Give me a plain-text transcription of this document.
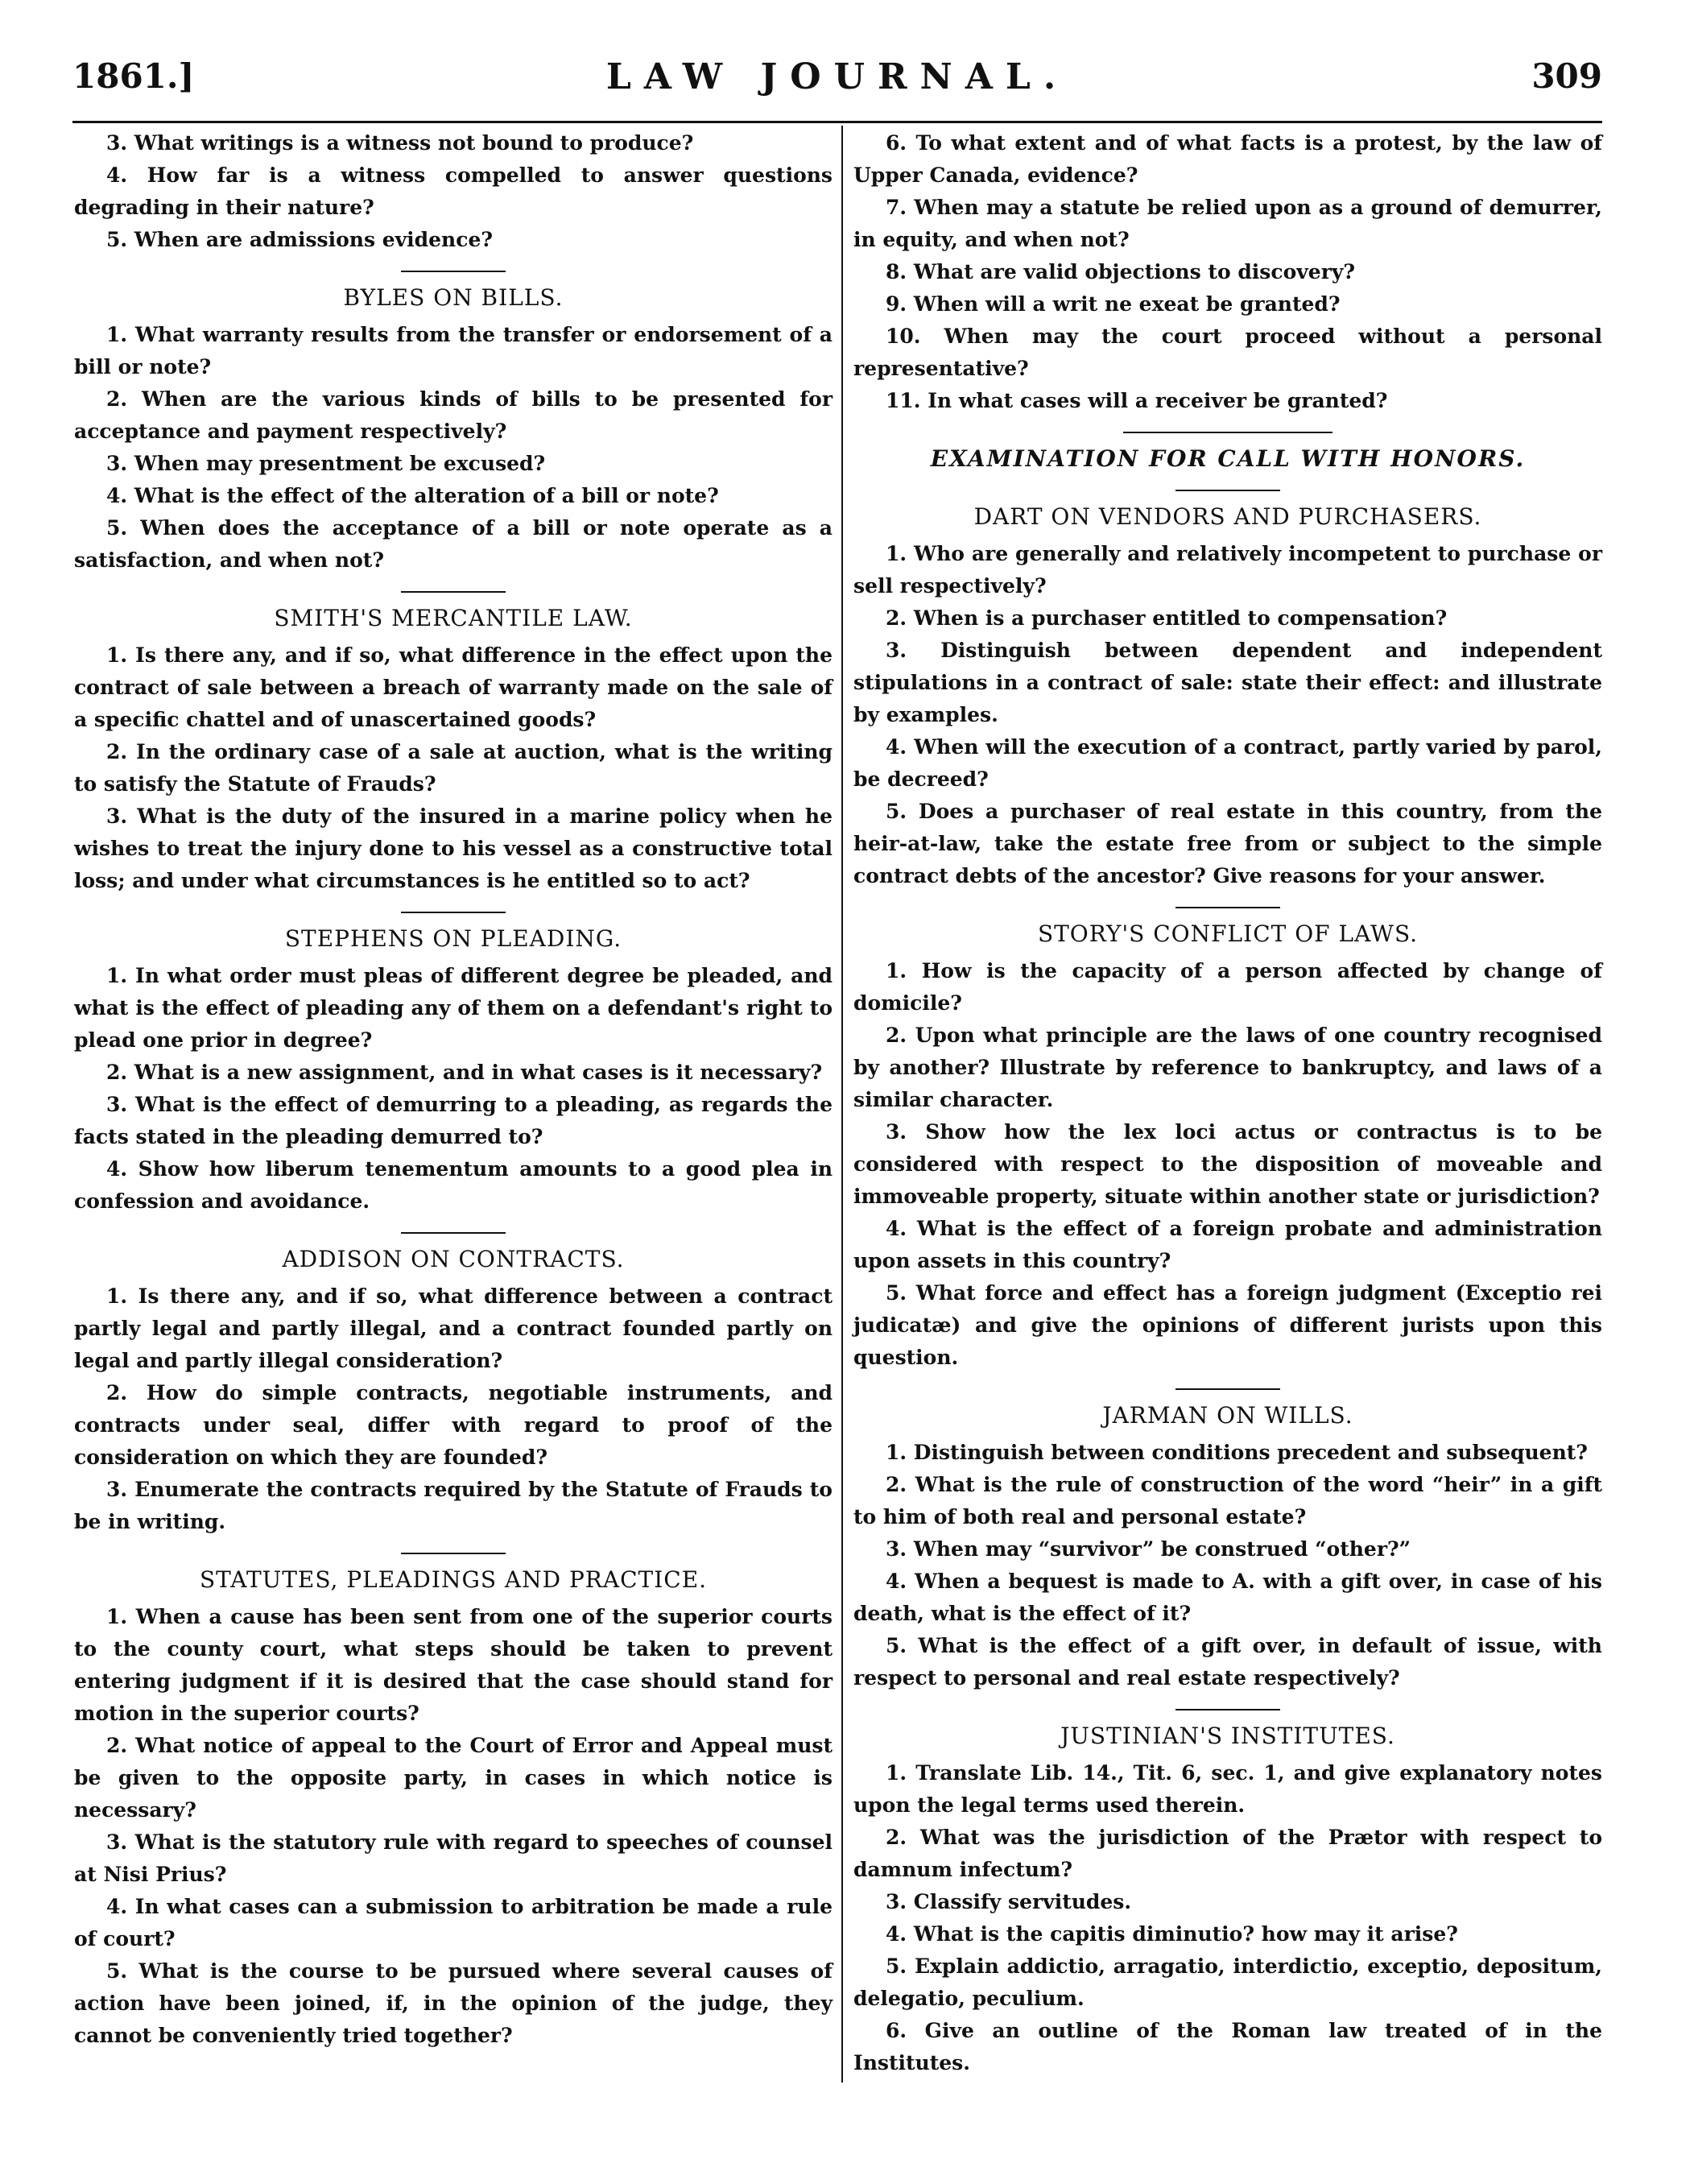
1861.]	LAW JOURNAL.	309

3. What writings is a witness not bound to produce?

4. How far is a witness compelled to answer questions degrading in their nature?

5. When are admissions evidence?

BYLES ON BILLS.

1. What warranty results from the transfer or endorsement of a bill or note?

2. When are the various kinds of bills to be presented for acceptance and payment respectively?

3. When may presentment be excused?

4. What is the effect of the alteration of a bill or note?

5. When does the acceptance of a bill or note operate as a satisfaction, and when not?

SMITH'S MERCANTILE LAW.

1. Is there any, and if so, what difference in the effect upon the contract of sale between a breach of warranty made on the sale of a specific chattel and of unascertained goods?

2. In the ordinary case of a sale at auction, what is the writing to satisfy the Statute of Frauds?

3. What is the duty of the insured in a marine policy when he wishes to treat the injury done to his vessel as a constructive total loss; and under what circumstances is he entitled so to act?

STEPHENS ON PLEADING.

1. In what order must pleas of different degree be pleaded, and what is the effect of pleading any of them on a defendant's right to plead one prior in degree?

2. What is a new assignment, and in what cases is it necessary?

3. What is the effect of demurring to a pleading, as regards the facts stated in the pleading demurred to?

4. Show how liberum tenementum amounts to a good plea in confession and avoidance.

ADDISON ON CONTRACTS.

1. Is there any, and if so, what difference between a contract partly legal and partly illegal, and a contract founded partly on legal and partly illegal consideration?

2. How do simple contracts, negotiable instruments, and contracts under seal, differ with regard to proof of the consideration on which they are founded?

3. Enumerate the contracts required by the Statute of Frauds to be in writing.

STATUTES, PLEADINGS AND PRACTICE.

1. When a cause has been sent from one of the superior courts to the county court, what steps should be taken to prevent entering judgment if it is desired that the case should stand for motion in the superior courts?

2. What notice of appeal to the Court of Error and Appeal must be given to the opposite party, in cases in which notice is necessary?

3. What is the statutory rule with regard to speeches of counsel at Nisi Prius?

4. In what cases can a submission to arbitration be made a rule of court?

5. What is the course to be pursued where several causes of action have been joined, if, in the opinion of the judge, they cannot be conveniently tried together?

6. To what extent and of what facts is a protest, by the law of Upper Canada, evidence?

7. When may a statute be relied upon as a ground of demurrer, in equity, and when not?

8. What are valid objections to discovery?

9. When will a writ ne exeat be granted?

10. When may the court proceed without a personal representative?

11. In what cases will a receiver be granted?

EXAMINATION FOR CALL WITH HONORS.
DART ON VENDORS AND PURCHASERS.

1. Who are generally and relatively incompetent to purchase or sell respectively?

2. When is a purchaser entitled to compensation?

3. Distinguish between dependent and independent stipulations in a contract of sale: state their effect: and illustrate by examples.

4. When will the execution of a contract, partly varied by parol, be decreed?

5. Does a purchaser of real estate in this country, from the heir-at-law, take the estate free from or subject to the simple contract debts of the ancestor? Give reasons for your answer.

STORY'S CONFLICT OF LAWS.

1. How is the capacity of a person affected by change of domicile?

2. Upon what principle are the laws of one country recognised by another? Illustrate by reference to bankruptcy, and laws of a similar character.

3. Show how the lex loci actus or contractus is to be considered with respect to the disposition of moveable and immoveable property, situate within another state or jurisdiction?

4. What is the effect of a foreign probate and administration upon assets in this country?

5. What force and effect has a foreign judgment (Exceptio rei judicatæ) and give the opinions of different jurists upon this question.

JARMAN ON WILLS.

1. Distinguish between conditions precedent and subsequent?

2. What is the rule of construction of the word “heir” in a gift to him of both real and personal estate?

3. When may “survivor” be construed “other?”

4. When a bequest is made to A. with a gift over, in case of his death, what is the effect of it?

5. What is the effect of a gift over, in default of issue, with respect to personal and real estate respectively?

JUSTINIAN'S INSTITUTES.

1. Translate Lib. 14., Tit. 6, sec. 1, and give explanatory notes upon the legal terms used therein.

2. What was the jurisdiction of the Prætor with respect to damnum infectum?

3. Classify servitudes.

4. What is the capitis diminutio? how may it arise?

5. Explain addictio, arragatio, interdictio, exceptio, depositum, delegatio, peculium.

6. Give an outline of the Roman law treated of in the Institutes.
